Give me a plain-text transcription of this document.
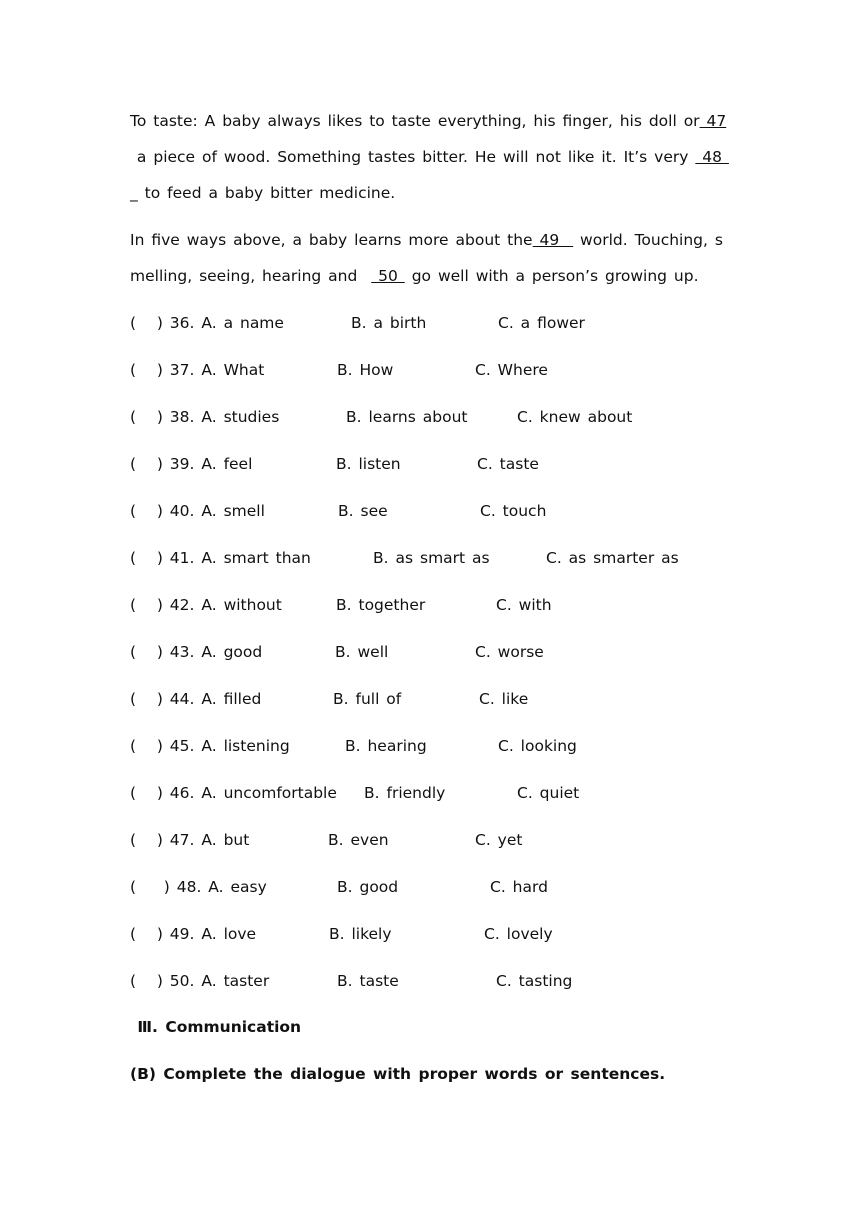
To taste: A baby always likes to taste everything, his finger, his doll or 47
a piece of wood. Something tastes bitter. He will not like it. It’s very  48
_ to feed a baby bitter medicine.
In five ways above, a baby learns more about the 49   world. Touching, s
melling, seeing, hearing and   50  go well with a person’s growing up.
(   ) 36. A. a name	B. a birth	C. a flower
(   ) 37. A. What	B. How	C. Where
(   ) 38. A. studies	B. learns about	C. knew about
(   ) 39. A. feel	B. listen	C. taste
(   ) 40. A. smell	B. see	C. touch
(   ) 41. A. smart than	B. as smart as	C. as smarter as
(   ) 42. A. without	B. together	C. with
(   ) 43. A. good	B. well	C. worse
(   ) 44. A. filled	B. full of	C. like
(   ) 45. A. listening	B. hearing	C. looking
(   ) 46. A. uncomfortable B. friendly	C. quiet
(   ) 47. A. but	B. even	C. yet
(    ) 48. A. easy	B. good	C. hard
(   ) 49. A. love	B. likely	C. lovely
(   ) 50. A. taster	B. taste	C. tasting
Ⅲ. Communication
(B) Complete the dialogue with proper words or sentences.
